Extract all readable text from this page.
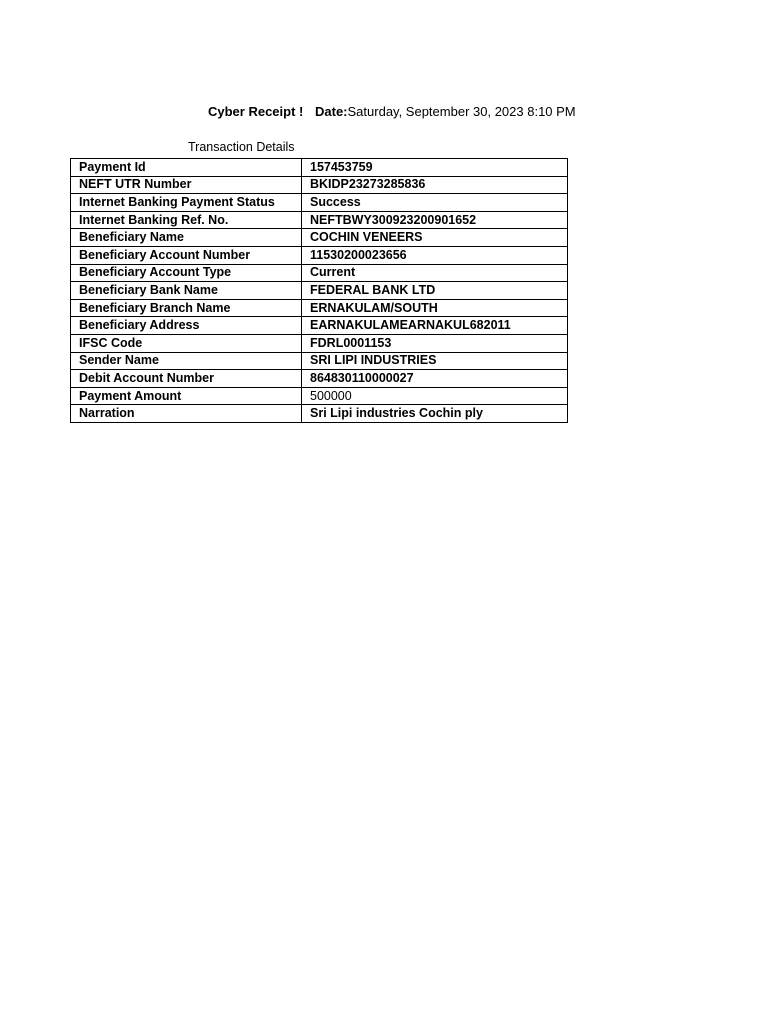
Cyber Receipt ! Date:Saturday, September 30, 2023 8:10 PM
Transaction Details
Payment Id	157453759
NEFT UTR Number	BKIDP23273285836
Internet Banking Payment Status	Success
Internet Banking Ref. No.	NEFTBWY300923200901652
Beneficiary Name	COCHIN VENEERS
Beneficiary Account Number	11530200023656
Beneficiary Account Type	Current
Beneficiary Bank Name	FEDERAL BANK LTD
Beneficiary Branch Name	ERNAKULAM/SOUTH
Beneficiary Address	EARNAKULAMEARNAKUL682011
IFSC Code	FDRL0001153
Sender Name	SRI LIPI INDUSTRIES
Debit Account Number	864830110000027
Payment Amount	500000
Narration	Sri Lipi industries Cochin ply
